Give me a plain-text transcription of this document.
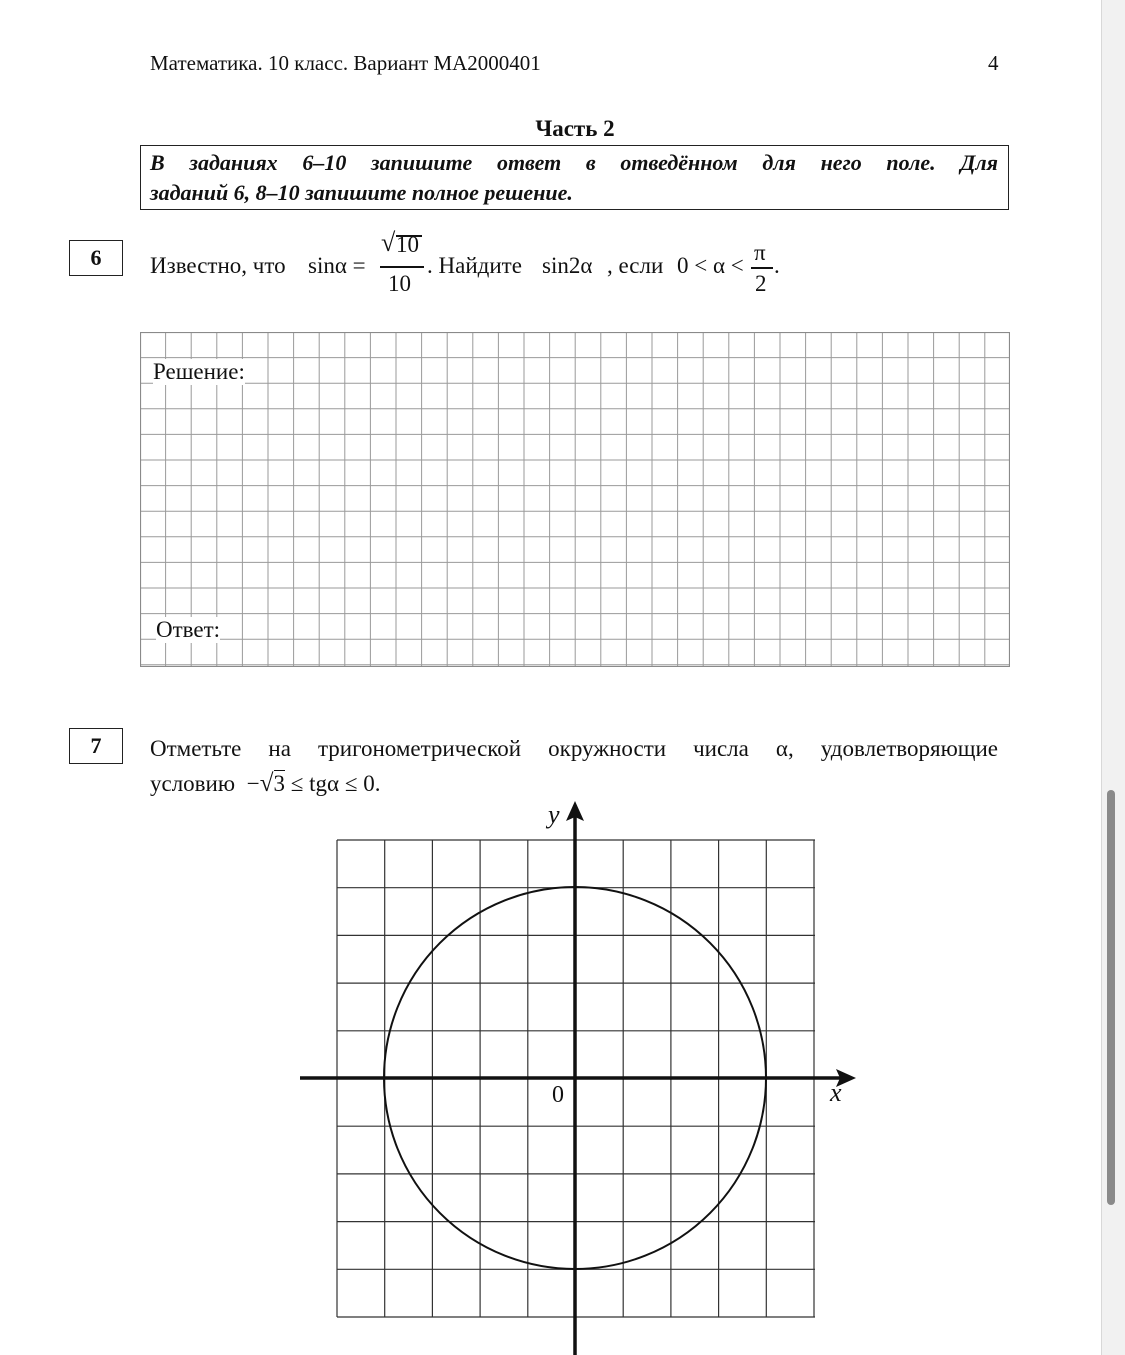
Математика. 10 класс. Вариант МА2000401	4
Часть 2
В заданиях 6–10 запишите ответ в отведённом для него поле. Для
заданий 6, 8–10 запишите полное решение.
6	Известно, что sinα =
√ 10
10
. Найдите sin2α , если 0 < α <
π
2
.
Решение:
Ответ:
7	Отметьте на тригонометрической окружности числа α, удовлетворяющие
условию −√3 ≤ tgα ≤ 0.
y
x
0
